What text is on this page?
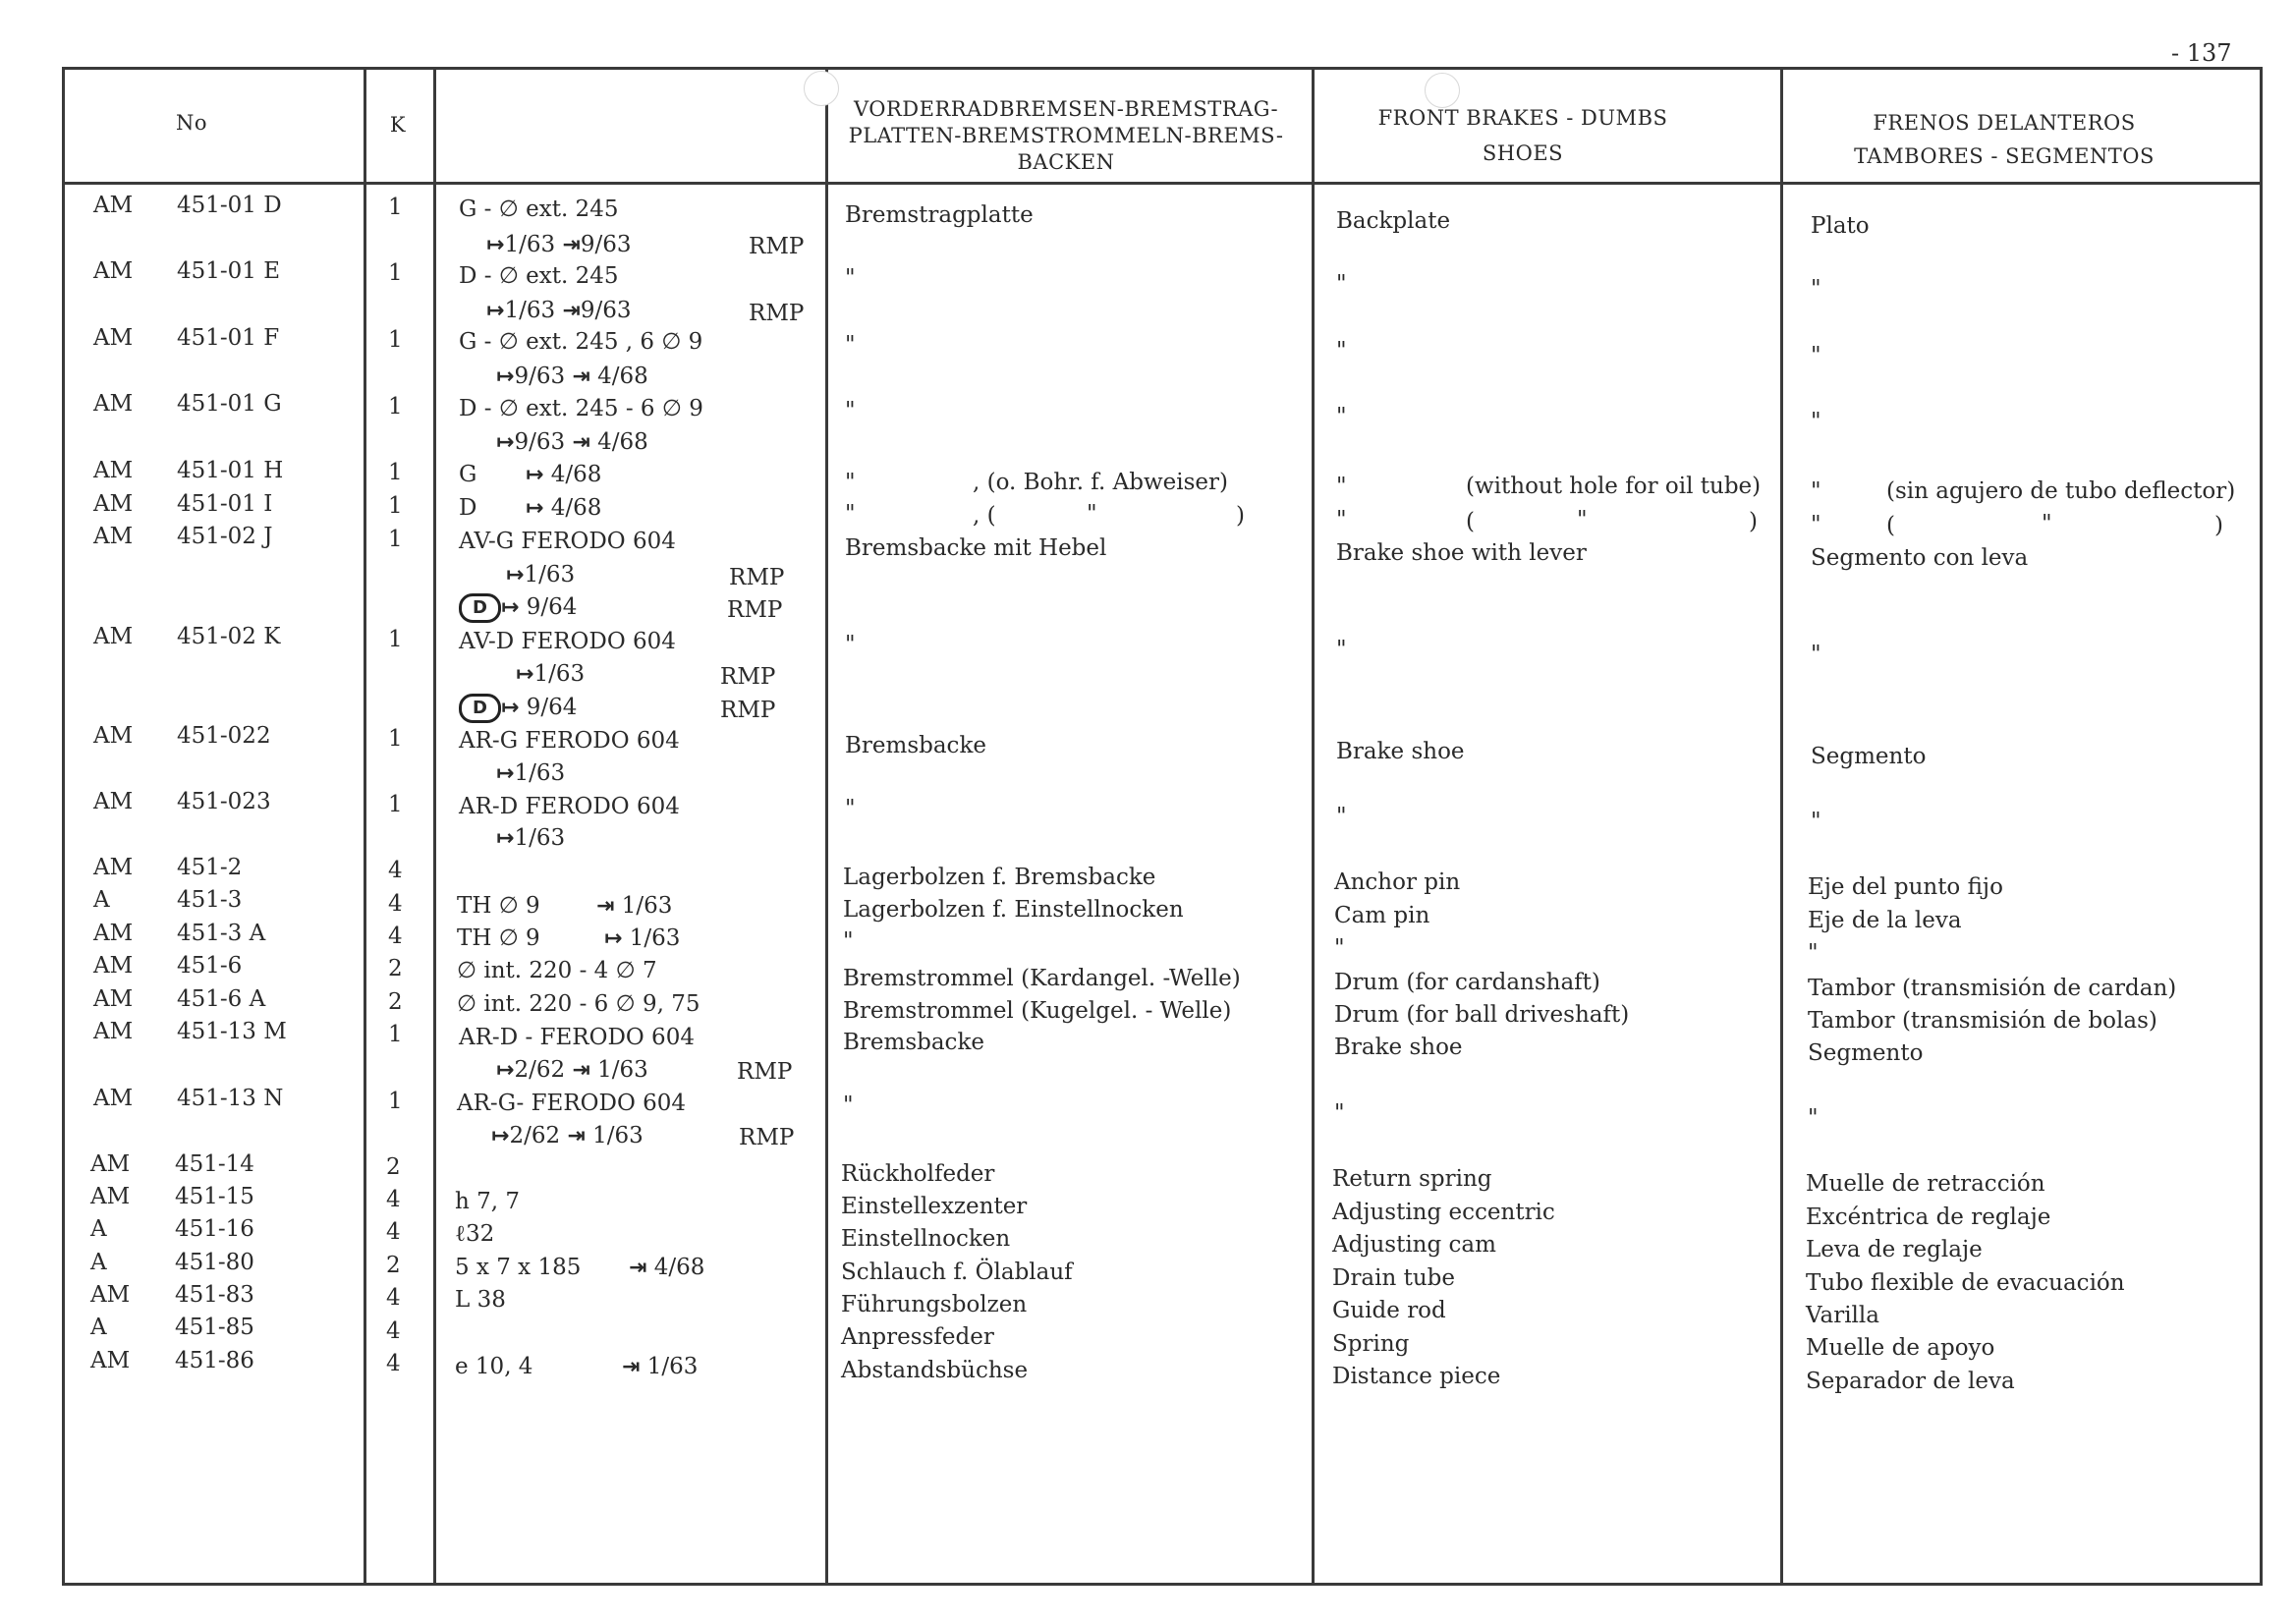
- 137
No	K
VORDERRADBREMSEN-BREMSTRAG-
PLATTEN-BREMSTROMMELN-BREMS-
BACKEN
FRONT BRAKES - DUMBS
SHOES
FRENOS DELANTEROS
TAMBORES - SEGMENTOS
AM 451-01 D	1 G - ∅ ext. 245
↦1/63 ⇥9/63	RMP
Bremstragplatte	Backplate	Plato
AM 451-01 E	1 D - ∅ ext. 245
↦1/63 ⇥9/63	RMP
"	"	"
AM 451-01 F	1 G - ∅ ext. 245 , 6 ∅ 9
↦9/63 ⇥ 4/68
"	"	"
AM 451-01 G	1 D - ∅ ext. 245 - 6 ∅ 9
↦9/63 ⇥ 4/68
"	"	"
AM 451-01 H	1 G ↦ 4/68	"	, (o. Bohr. f. Abweiser)	"	(without hole for oil tube) "	(sin agujero de tubo deflector)
AM 451-01 I	1 D ↦ 4/68	"	, (	"	)	"	(	"	) "	(	"	)
AM 451-02 J	1 AV-G FERODO 604
↦1/63	RMP
D ↦ 9/64	RMP
Bremsbacke mit Hebel	Brake shoe with lever	Segmento con leva
AM 451-02 K	1 AV-D FERODO 604
↦1/63	RMP
D ↦ 9/64	RMP
"	"	"
AM 451-022	1 AR-G FERODO 604
↦1/63
Bremsbacke	Brake shoe	Segmento
AM 451-023	1 AR-D FERODO 604
↦1/63
"	"	"
AM 451-2	4	Lagerbolzen f. Bremsbacke	Anchor pin	Eje del punto fijo
A	451-3	4 TH ∅ 9	⇥ 1/63	Lagerbolzen f. Einstellnocken	Cam pin	Eje de la leva
AM 451-3 A	4 TH ∅ 9	↦ 1/63	"	"	"
AM 451-6	2 ∅ int. 220 - 4 ∅ 7	Bremstrommel (Kardangel. -Welle)	Drum (for cardanshaft)	Tambor (transmisión de cardan)
AM 451-6 A	2 ∅ int. 220 - 6 ∅ 9, 75	Bremstrommel (Kugelgel. - Welle)	Drum (for ball driveshaft)	Tambor (transmisión de bolas)
AM 451-13 M	1 AR-D - FERODO 604
↦2/62 ⇥ 1/63	RMP
Bremsbacke	Brake shoe	Segmento
AM 451-13 N	1 AR-G- FERODO 604
↦2/62 ⇥ 1/63	RMP
"	"	"
AM 451-14	2	Rückholfeder	Return spring	Muelle de retracción
AM 451-15	4 h 7, 7	Einstellexzenter	Adjusting eccentric	Excéntrica de reglaje
A	451-16	4 ℓ32	Einstellnocken	Adjusting cam	Leva de reglaje
A	451-80	2 5 x 7 x 185 ⇥ 4/68	Schlauch f. Ölablauf	Drain tube	Tubo flexible de evacuación
AM 451-83	4 L 38	Führungsbolzen	Guide rod	Varilla
A	451-85	4	Anpressfeder	Spring	Muelle de apoyo
AM 451-86	4 e 10, 4	⇥ 1/63	Abstandsbüchse	Distance piece	Separador de leva
